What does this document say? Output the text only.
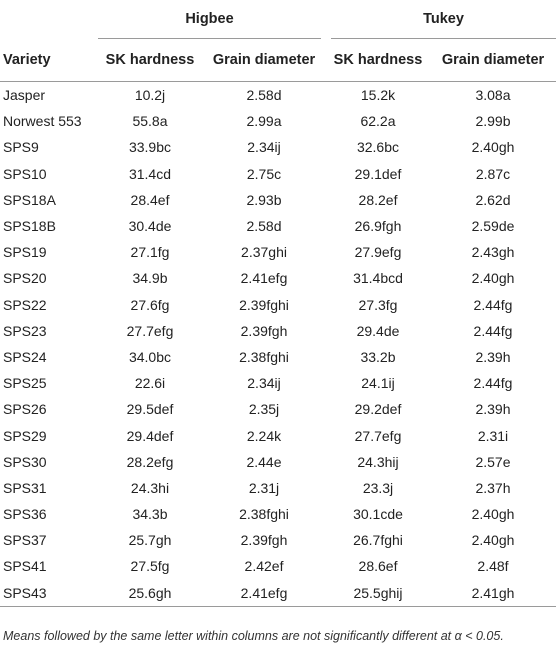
	Higbee		Tukey	
Variety	SK hardness	Grain diameter	SK hardness	Grain diameter
Jasper	10.2j	2.58d	15.2k	3.08a
Norwest 553	55.8a	2.99a	62.2a	2.99b
SPS9	33.9bc	2.34ij	32.6bc	2.40gh
SPS10	31.4cd	2.75c	29.1def	2.87c
SPS18A	28.4ef	2.93b	28.2ef	2.62d
SPS18B	30.4de	2.58d	26.9fgh	2.59de
SPS19	27.1fg	2.37ghi	27.9efg	2.43gh
SPS20	34.9b	2.41efg	31.4bcd	2.40gh
SPS22	27.6fg	2.39fghi	27.3fg	2.44fg
SPS23	27.7efg	2.39fgh	29.4de	2.44fg
SPS24	34.0bc	2.38fghi	33.2b	2.39h
SPS25	22.6i	2.34ij	24.1ij	2.44fg
SPS26	29.5def	2.35j	29.2def	2.39h
SPS29	29.4def	2.24k	27.7efg	2.31i
SPS30	28.2efg	2.44e	24.3hij	2.57e
SPS31	24.3hi	2.31j	23.3j	2.37h
SPS36	34.3b	2.38fghi	30.1cde	2.40gh
SPS37	25.7gh	2.39fgh	26.7fghi	2.40gh
SPS41	27.5fg	2.42ef	28.6ef	2.48f
SPS43	25.6gh	2.41efg	25.5ghij	2.41gh
Means followed by the same letter within columns are not significantly different at α < 0.05.
